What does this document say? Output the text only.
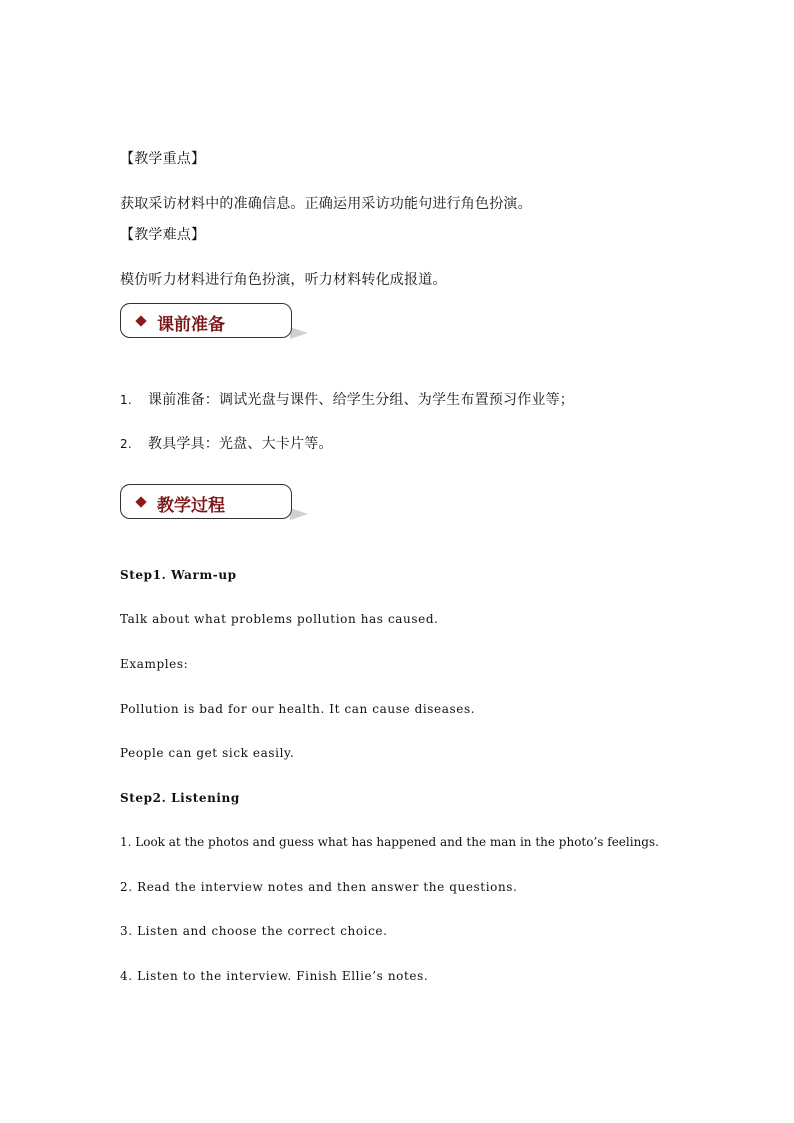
【教学重点】
获取采访材料中的准确信息。正确运用采访功能句进行角色扮演。
【教学难点】
模仿听力材料进行角色扮演，听力材料转化成报道。
课前准备
1. 课前准备：调试光盘与课件、给学生分组、为学生布置预习作业等；
2. 教具学具：光盘、大卡片等。
教学过程
Step1. Warm-up
Talk about what problems pollution has caused.
Examples:
Pollution is bad for our health. It can cause diseases.
People can get sick easily.
Step2. Listening
1. Look at the photos and guess what has happened and the man in the photo’s feelings.
2. Read the interview notes and then answer the questions.
3. Listen and choose the correct choice.
4. Listen to the interview. Finish Ellie’s notes.
